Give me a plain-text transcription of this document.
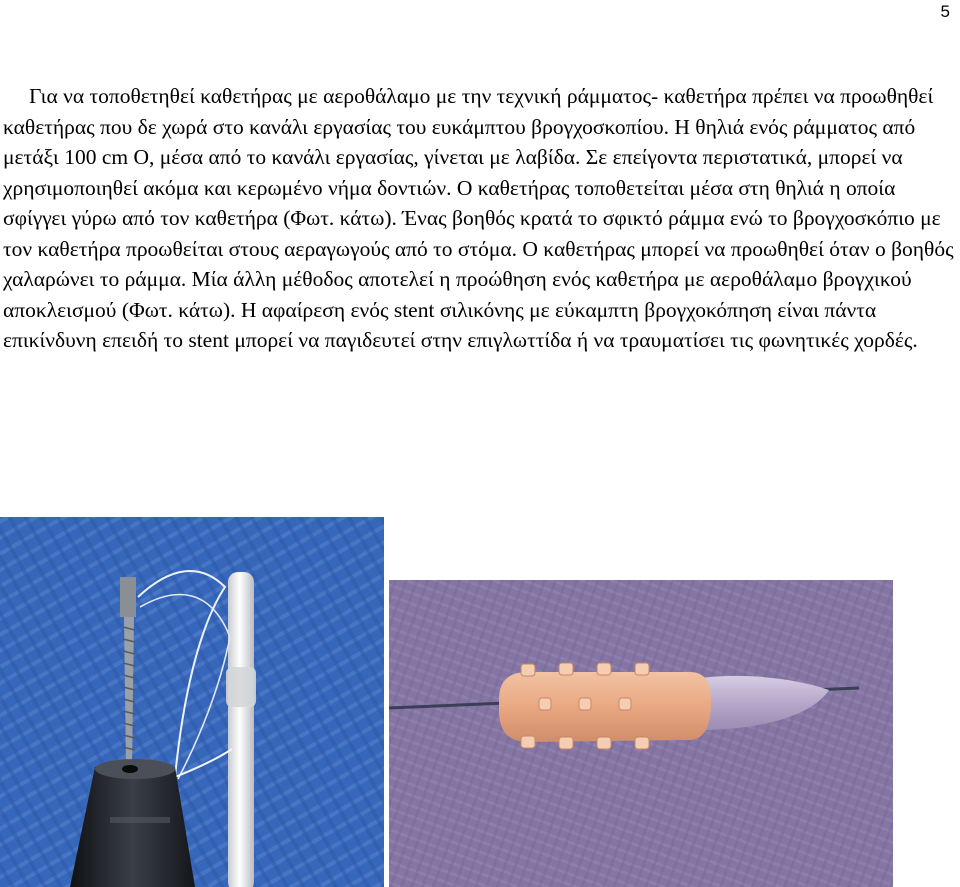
5

Για να τοποθετηθεί καθετήρας με αεροθάλαμο με την τεχνική ράμματος- καθετήρα πρέπει να προωθηθεί καθετήρας που δε χωρά στο κανάλι εργασίας του ευκάμπτου βρογχοσκοπίου. Η θηλιά ενός ράμματος από μετάξι 100 cm O, μέσα από το κανάλι εργασίας, γίνεται με λαβίδα. Σε επείγοντα περιστατικά, μπορεί να χρησιμοποιηθεί ακόμα και κερωμένο νήμα δοντιών. Ο καθετήρας τοποθετείται μέσα στη θηλιά η οποία σφίγγει γύρω από τον καθετήρα (Φωτ. κάτω). Ένας βοηθός κρατά το σφικτό ράμμα ενώ το βρογχοσκόπιο με τον καθετήρα προωθείται στους αεραγωγούς από το στόμα. Ο καθετήρας μπορεί να προωθηθεί όταν ο βοηθός χαλαρώνει το ράμμα. Μία άλλη μέθοδος αποτελεί η προώθηση ενός καθετήρα με αεροθάλαμο βρογχικού αποκλεισμού (Φωτ. κάτω). Η αφαίρεση ενός stent σιλικόνης με εύκαμπτη βρογχοκόπηση είναι πάντα επικίνδυνη επειδή το stent μπορεί να παγιδευτεί στην επιγλωττίδα ή να τραυματίσει τις φωνητικές χορδές.
